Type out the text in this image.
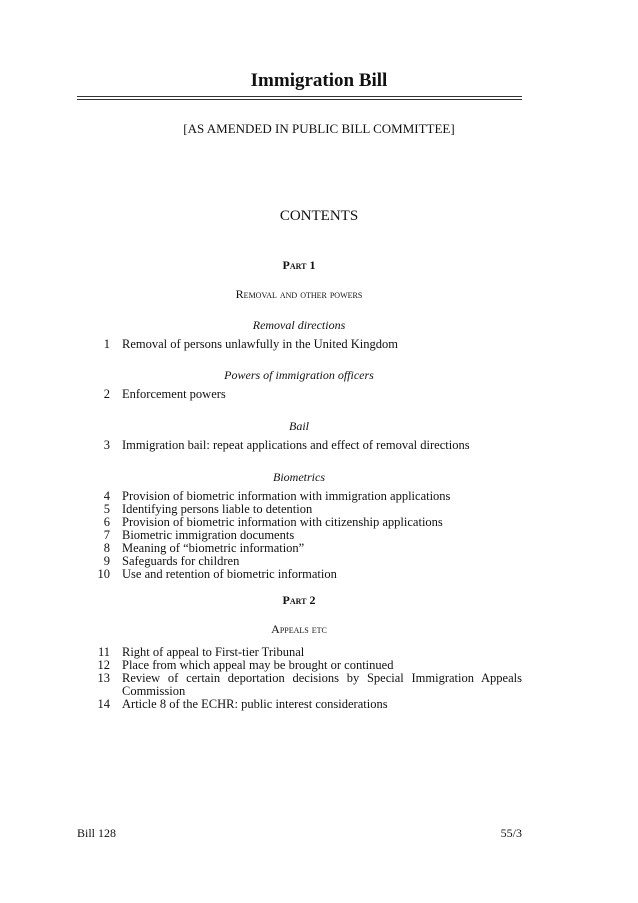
Immigration Bill
[AS AMENDED IN PUBLIC BILL COMMITTEE]
CONTENTS
Part 1
Removal and other powers
Removal directions
1 Removal of persons unlawfully in the United Kingdom
Powers of immigration officers
2 Enforcement powers
Bail
3 Immigration bail: repeat applications and effect of removal directions
Biometrics
4 Provision of biometric information with immigration applications
5 Identifying persons liable to detention
6 Provision of biometric information with citizenship applications
7 Biometric immigration documents
8 Meaning of “biometric information”
9 Safeguards for children
10 Use and retention of biometric information
Part 2
Appeals etc
11 Right of appeal to First-tier Tribunal
12 Place from which appeal may be brought or continued
13 Review of certain deportation decisions by Special Immigration Appeals
Commission
14 Article 8 of the ECHR: public interest considerations
Bill 128	55/3
